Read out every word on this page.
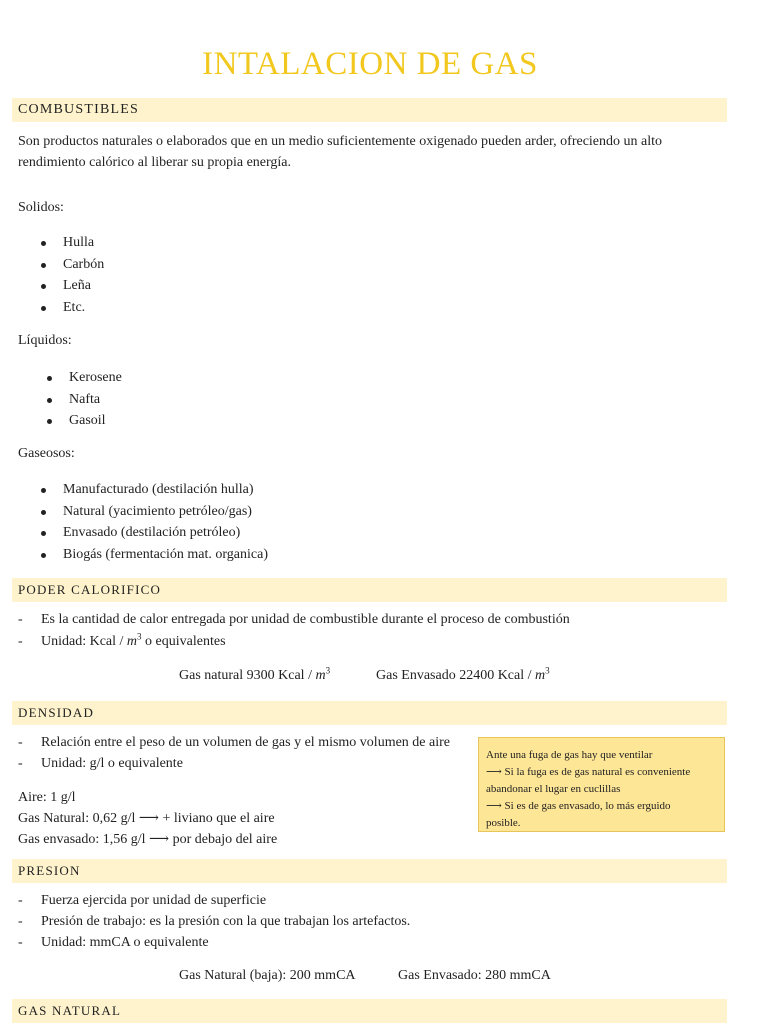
INTALACION DE GAS
COMBUSTIBLES
Son productos naturales o elaborados que en un medio suficientemente oxigenado pueden arder, ofreciendo un alto
rendimiento calórico al liberar su propia energía.
Solidos:
Hulla
Carbón
Leña
Etc.
Líquidos:
Kerosene
Nafta
Gasoil
Gaseosos:
Manufacturado (destilación hulla)
Natural (yacimiento petróleo/gas)
Envasado (destilación petróleo)
Biogás (fermentación mat. organica)
PODER CALORIFICO
- Es la cantidad de calor entregada por unidad de combustible durante el proceso de combustión
- Unidad: Kcal / $m^3$ o equivalentes
Gas natural 9300 Kcal / $m^3$	Gas Envasado 22400 Kcal / $m^3$
DENSIDAD
- Relación entre el peso de un volumen de gas y el mismo volumen de aire
- Unidad: g/l o equivalente
Aire: 1 g/l
Gas Natural: 0,62 g/l ⟶ + liviano que el aire
Gas envasado: 1,56 g/l ⟶ por debajo del aire
Ante una fuga de gas hay que ventilar
⟶ Si la fuga es de gas natural es conveniente
abandonar el lugar en cuclillas
⟶ Si es de gas envasado, lo más erguido
posible.
PRESION
- Fuerza ejercida por unidad de superficie
- Presión de trabajo: es la presión con la que trabajan los artefactos.
- Unidad: mmCA o equivalente
Gas Natural (baja): 200 mmCA	Gas Envasado: 280 mmCA
GAS NATURAL
